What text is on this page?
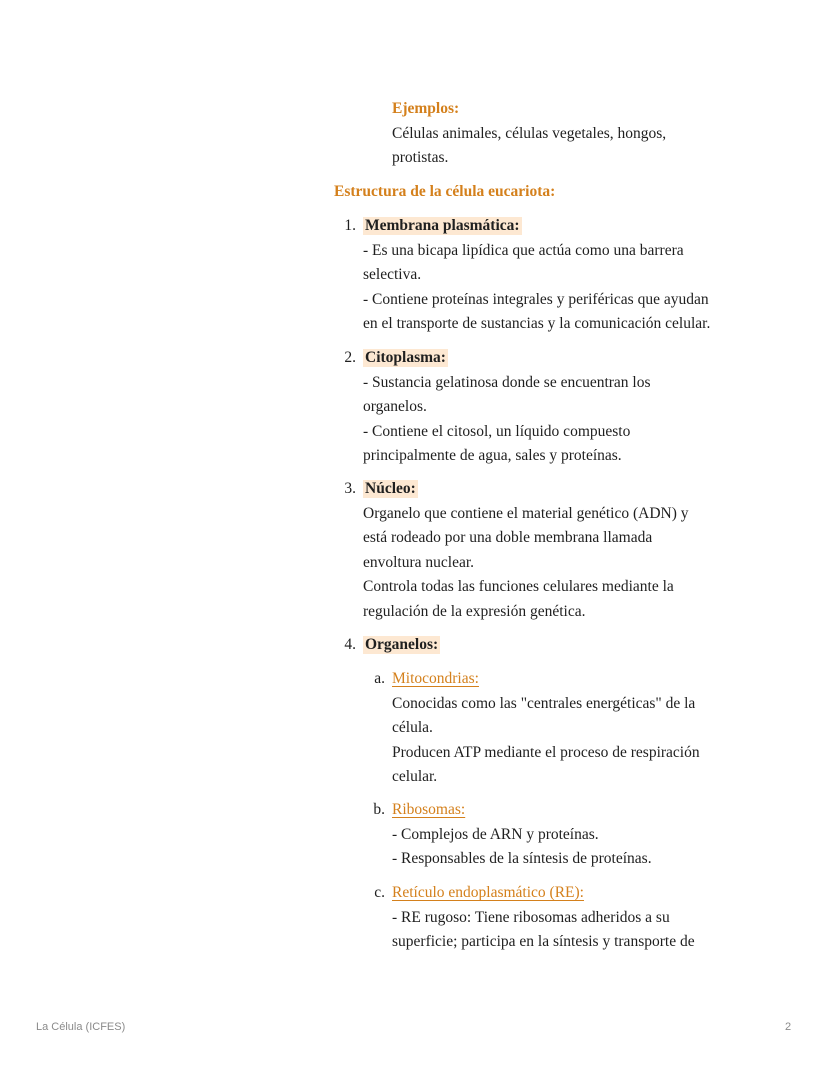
Ejemplos:

Células animales, células vegetales, hongos,

protistas.

Estructura de la célula eucariota:

1. Membrana plasmática:

- Es una bicapa lipídica que actúa como una barrera

selectiva.

- Contiene proteínas integrales y periféricas que ayudan

en el transporte de sustancias y la comunicación celular.

2. Citoplasma:

- Sustancia gelatinosa donde se encuentran los

organelos.

- Contiene el citosol, un líquido compuesto

principalmente de agua, sales y proteínas.

3. Núcleo:

Organelo que contiene el material genético (ADN) y

está rodeado por una doble membrana llamada

envoltura nuclear.

Controla todas las funciones celulares mediante la

regulación de la expresión genética.

4. Organelos:

a. Mitocondrias:

Conocidas como las "centrales energéticas" de la

célula.

Producen ATP mediante el proceso de respiración

celular.

b. Ribosomas:

- Complejos de ARN y proteínas.

- Responsables de la síntesis de proteínas.

c. Retículo endoplasmático (RE):

- RE rugoso: Tiene ribosomas adheridos a su

superficie; participa en la síntesis y transporte de

La Célula (ICFES)	2
